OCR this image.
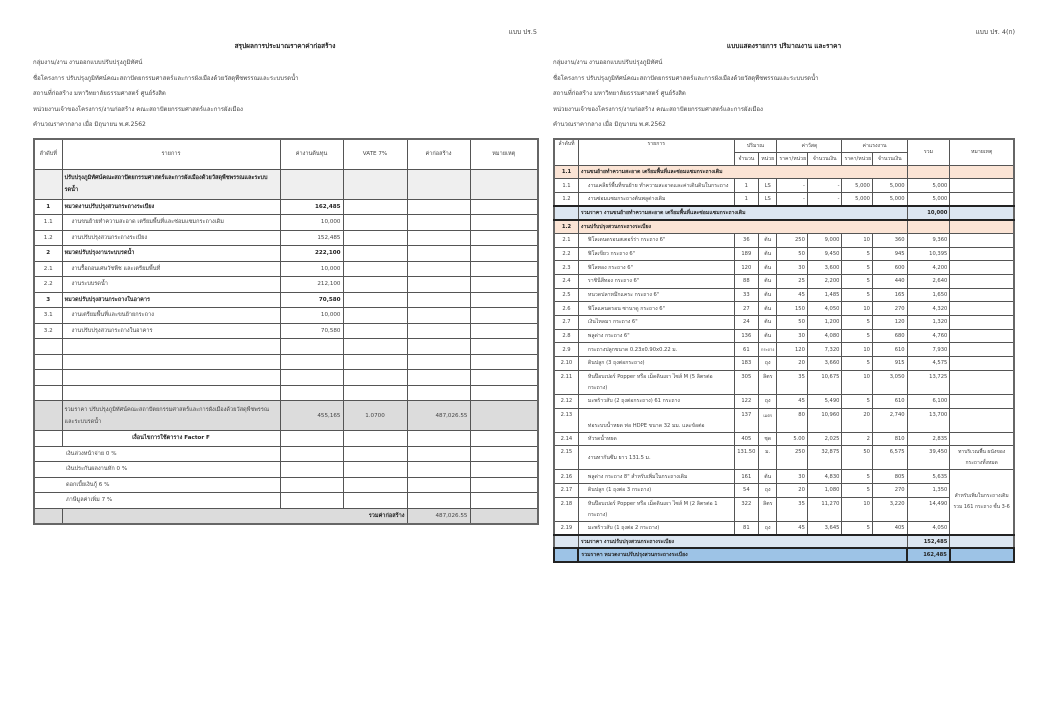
แบบ ปร.5
สรุปผลการประมาณราคาค่าก่อสร้าง
กลุ่มงาน/งาน งานออกแบบปรับปรุงภูมิทัศน์
ชื่อโครงการ ปรับปรุงภูมิทัศน์คณะสถาปัตยกรรมศาสตร์และการผังเมืองด้วยวัสดุพืชพรรณและระบบรดน้ำ
สถานที่ก่อสร้าง มหาวิทยาลัยธรรมศาสตร์ ศูนย์รังสิต
หน่วยงานเจ้าของโครงการ/งานก่อสร้าง คณะสถาปัตยกรรมศาสตร์และการผังเมือง
คำนวณราคากลาง เมื่อ มิถุนายน พ.ศ.2562
ลำดับที่	รายการ	ค่างานต้นทุน	VATE 7%	ค่าก่อสร้าง	หมายเหตุ
	ปรับปรุงภูมิทัศน์คณะสถาปัตยกรรมศาสตร์และการผังเมืองด้วยวัสดุพืชพรรณและระบบรดน้ำ				
1	หมวดงานปรับปรุงสวนกระถางระเบียง	162,485			
1.1	งานขนย้ายทำความสะอาด เตรียมพื้นที่และซ่อมแซมกระถางเดิม	10,000			
1.2	งานปรับปรุงสวนกระถางระเบียง	152,485			
2	หมวดปรับปรุงงานระบบรดน้ำ	222,100			
2.1	งานรื้อถอนเศษวัชพืช และเตรียมพื้นที่	10,000			
2.2	งานระบบรดน้ำ	212,100			
3	หมวดปรับปรุงสวนกระถางในอาคาร	70,580			
3.1	งานเตรียมพื้นที่และขนย้ายกระถาง	10,000			
3.2	งานปรับปรุงสวนกระถางในอาคาร	70,580			

	รวมราคา ปรับปรุงภูมิทัศน์คณะสถาปัตยกรรมศาสตร์และการผังเมืองด้วยวัสดุพืชพรรณและระบบรดน้ำ	455,165	1.0700	487,026.55	
	เงื่อนไขการใช้ตาราง Factor F				
เงินล่วงหน้าจ่าย 0 %					
เงินประกันผลงานหัก 0 %					
ดอกเบี้ยเงินกู้ 6 %					
ภาษีมูลค่าเพิ่ม 7 %					
	รวมค่าก่อสร้าง			487,026.55	
แบบ ปร. 4(ก)
แบบแสดงรายการ ปริมาณงาน และราคา
กลุ่มงาน/งาน งานออกแบบปรับปรุงภูมิทัศน์
ชื่อโครงการ ปรับปรุงภูมิทัศน์คณะสถาปัตยกรรมศาสตร์และการผังเมืองด้วยวัสดุพืชพรรณและระบบรดน้ำ
สถานที่ก่อสร้าง มหาวิทยาลัยธรรมศาสตร์ ศูนย์รังสิต
หน่วยงานเจ้าของโครงการ/งานก่อสร้าง คณะสถาปัตยกรรมศาสตร์และการผังเมือง
คำนวณราคากลาง เมื่อ มิถุนายน พ.ศ.2562
ลำดับที่	รายการ	ปริมาณ		ค่าวัสดุ		ค่าแรงงาน		รวม	หมายเหตุ
		จำนวน	หน่วย	ราคา/หน่วย	จำนวนเงิน	ราคา/หน่วย	จำนวนเงิน		
1.1	งานขนย้ายทำความสะอาด เตรียมพื้นที่และซ่อมแซมกระถางเดิม								
1.1	งานเคลียร์พื้นที่ขนย้าย ทำความสะอาดและค่าเดินดินในกระถาง	1	LS	-	-	5,000	5,000	5,000	
1.2	งานซ่อมแซมกระถางต้นพลูด่างเดิม	1	LS	-	-	5,000	5,000	5,000	
	รวมราคา งานขนย้ายทำความสะอาด เตรียมพื้นที่และซ่อมแซมกระถางเดิม							10,000	
1.2	งานปรับปรุงสวนกระถางระเบียง								
2.1	ฟิโลเดนดรอนสเตอร์ร่า กระถาง 6"	36	ต้น	250	9,000	10	360	9,360	
2.2	ฟิโลเขียว กระถาง 6"	189	ต้น	50	9,450	5	945	10,395	
2.3	ฟิโลทอง กระถาง 6"	120	ต้น	30	3,600	5	600	4,200	
2.4	ราชินีสีทอง กระถาง 6"	88	ต้น	25	2,200	5	440	2,640	
2.5	หนวดปลาหมึกแคระ กระถาง 6"	33	ต้น	45	1,485	5	165	1,650	
2.6	ฟิโลแคนดรอน ซานาดู กระถาง 6"	27	ต้น	150	4,050	10	270	4,320	
2.7	เงินไหลมา กระถาง 6"	24	ต้น	50	1,200	5	120	1,320	
2.8	พลูด่าง กระถาง 6"	136	ต้น	30	4,080	5	680	4,760	
2.9	กระถางปลูกขนาด 0.23x0.90x0.22 ม.	61	กระถาง	120	7,320	10	610	7,930	
2.10	ดินปลูก (3 ถุงต่อกระถาง)	183	ถุง	20	3,660	5	915	4,575	
2.11	หินป๊อบเปอร์ Popper หรือ เม็ดดินเผา ไซส์ M (5 ลิตรต่อกระถาง)	305	ลิตร	35	10,675	10	3,050	13,725	
2.12	มะพร้าวสับ (2 ถุงต่อกระถาง) 61 กระถาง	122	ถุง	45	5,490	5	610	6,100	
2.13	ท่อระบบน้ำหยด ท่อ HDPE ขนาด 32 มม. และข้อต่อ	137	เมตร	80	10,960	20	2,740	13,700	
2.14	หัวรดน้ำหยด	405	ชุด	5.00	2,025	2	810	2,835	
2.15	งานทากันซึม ยาว 131.5 ม.	131.50	ม.	250	32,875	50	6,575	39,450	ทาบริเวณพื้น ผนังของกระถางทั้งหมด
2.16	พลูด่าง กระถาง 8" สำหรับเพิ่มในกระถางเดิม	161	ต้น	30	4,830	5	805	5,635	สำหรับเพิ่มในกระถางเดิม รวม 161 กระถาง ชั้น 3-6
2.17	ดินปลูก (1 ถุงต่อ 3 กระถาง)	54	ถุง	20	1,080	5	270	1,350	
2.18	หินป๊อบเปอร์ Popper หรือ เม็ดดินเผา ไซส์ M (2 ลิตรต่อ 1 กระถาง)	322	ลิตร	35	11,270	10	3,220	14,490	
2.19	มะพร้าวสับ (1 ถุงต่อ 2 กระถาง)	81	ถุง	45	3,645	5	405	4,050	
	รวมราคา งานปรับปรุงสวนกระถางระเบียง							152,485	
	รวมราคา หมวดงานปรับปรุงสวนกระถางระเบียง							162,485	
